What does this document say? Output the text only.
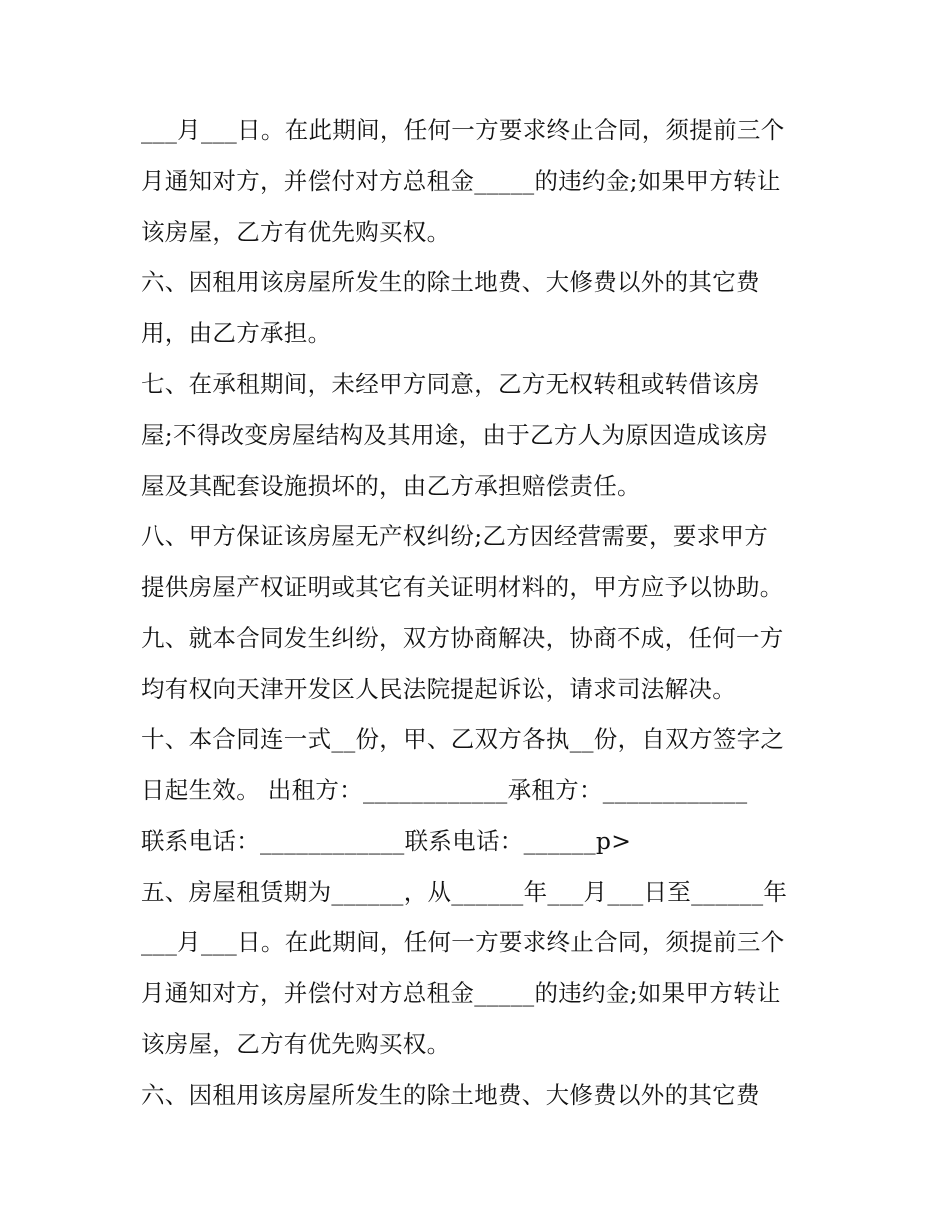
___月___日。在此期间，任何一方要求终止合同，须提前三个
月通知对方，并偿付对方总租金_____的违约金;如果甲方转让
该房屋，乙方有优先购买权。
六、因租用该房屋所发生的除土地费、大修费以外的其它费
用，由乙方承担。
七、在承租期间，未经甲方同意，乙方无权转租或转借该房
屋;不得改变房屋结构及其用途，由于乙方人为原因造成该房
屋及其配套设施损坏的，由乙方承担赔偿责任。
八、甲方保证该房屋无产权纠纷;乙方因经营需要，要求甲方
提供房屋产权证明或其它有关证明材料的，甲方应予以协助。
九、就本合同发生纠纷，双方协商解决，协商不成，任何一方
均有权向天津开发区人民法院提起诉讼，请求司法解决。
十、本合同连一式__份，甲、乙双方各执__份，自双方签字之
日起生效。 出租方：____________承租方：____________
联系电话：____________联系电话：______p>
五、房屋租赁期为______，从______年___月___日至______年
___月___日。在此期间，任何一方要求终止合同，须提前三个
月通知对方，并偿付对方总租金_____的违约金;如果甲方转让
该房屋，乙方有优先购买权。
六、因租用该房屋所发生的除土地费、大修费以外的其它费
